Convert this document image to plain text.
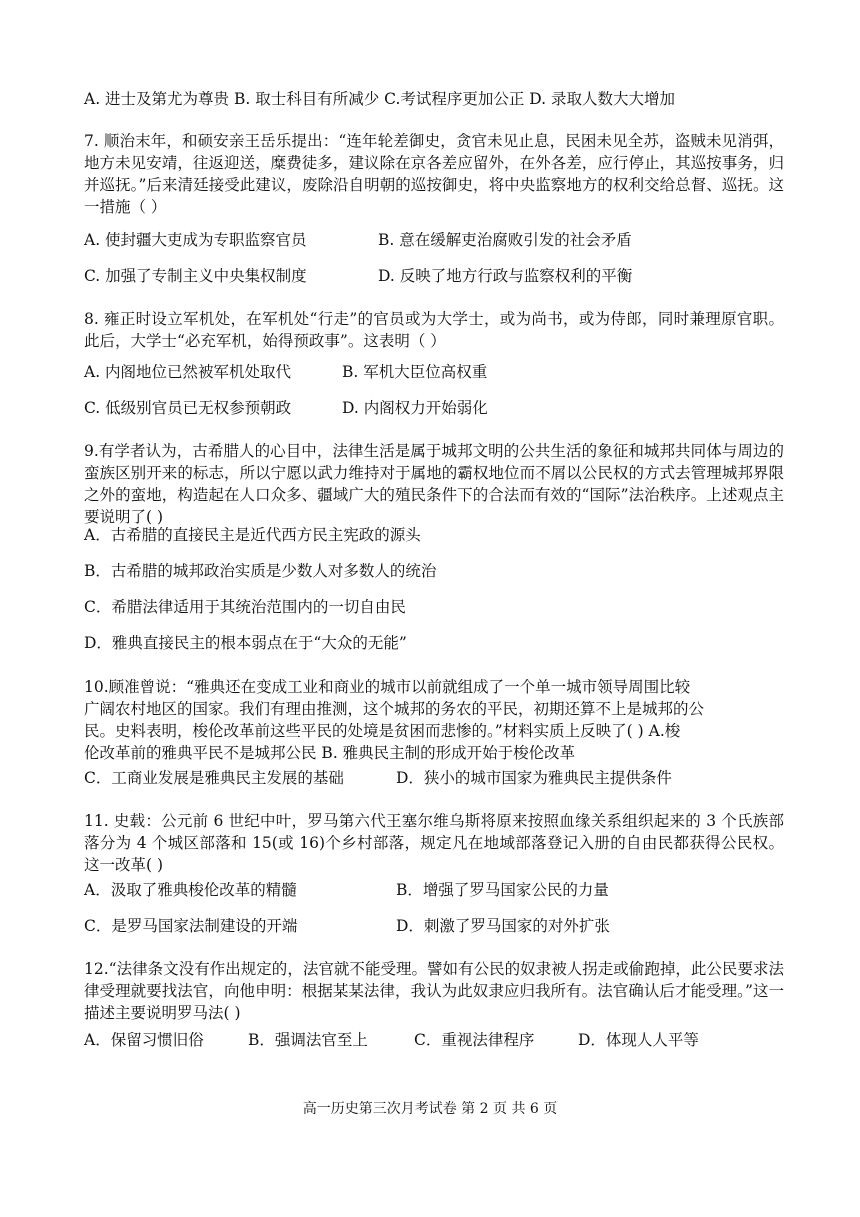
A. 进士及第尤为尊贵 B. 取士科目有所减少 C.考试程序更加公正 D. 录取人数大大增加
7. 顺治末年，和硕安亲王岳乐提出：“连年轮差御史，贪官未见止息，民困未见全苏，盗贼未见消弭，地方未见安靖，往返迎送，糜费徒多，建议除在京各差应留外，在外各差，应行停止，其巡按事务，归并巡抚。”后来清廷接受此建议，废除沿自明朝的巡按御史，将中央监察地方的权利交给总督、巡抚。这一措施（ ）
A. 使封疆大吏成为专职监察官员	B. 意在缓解吏治腐败引发的社会矛盾
C. 加强了专制主义中央集权制度	D. 反映了地方行政与监察权利的平衡
8. 雍正时设立军机处，在军机处“行走”的官员或为大学士，或为尚书，或为侍郎，同时兼理原官职。此后，大学士“必充军机，始得预政事”。这表明（ ）
A. 内阁地位已然被军机处取代	B. 军机大臣位高权重
C. 低级别官员已无权参预朝政	D. 内阁权力开始弱化
9.有学者认为，古希腊人的心目中，法律生活是属于城邦文明的公共生活的象征和城邦共同体与周边的蛮族区别开来的标志，所以宁愿以武力维持对于属地的霸权地位而不屑以公民权的方式去管理城邦界限之外的蛮地，构造起在人口众多、疆域广大的殖民条件下的合法而有效的“国际”法治秩序。上述观点主要说明了( )
A．古希腊的直接民主是近代西方民主宪政的源头
B．古希腊的城邦政治实质是少数人对多数人的统治
C．希腊法律适用于其统治范围内的一切自由民
D．雅典直接民主的根本弱点在于“大众的无能”
10.顾准曾说：“雅典还在变成工业和商业的城市以前就组成了一个单一城市领导周围比较
广阔农村地区的国家。我们有理由推测，这个城邦的务农的平民，初期还算不上是城邦的公
民。史料表明，梭伦改革前这些平民的处境是贫困而悲惨的。”材料实质上反映了( ) A.梭
伦改革前的雅典平民不是城邦公民 B. 雅典民主制的形成开始于梭伦改革
C．工商业发展是雅典民主发展的基础	D．狭小的城市国家为雅典民主提供条件
11. 史载：公元前 6 世纪中叶，罗马第六代王塞尔维乌斯将原来按照血缘关系组织起来的 3 个氏族部落分为 4 个城区部落和 15(或 16)个乡村部落，规定凡在地域部落登记入册的自由民都获得公民权。这一改革( )
A．汲取了雅典梭伦改革的精髓	B．增强了罗马国家公民的力量
C．是罗马国家法制建设的开端	D．刺激了罗马国家的对外扩张
12.“法律条文没有作出规定的，法官就不能受理。譬如有公民的奴隶被人拐走或偷跑掉，此公民要求法律受理就要找法官，向他申明：根据某某法律，我认为此奴隶应归我所有。法官确认后才能受理。”这一描述主要说明罗马法( )
A．保留习惯旧俗	B．强调法官至上	C．重视法律程序	D．体现人人平等
高一历史第三次月考试卷 第 2 页 共 6 页
